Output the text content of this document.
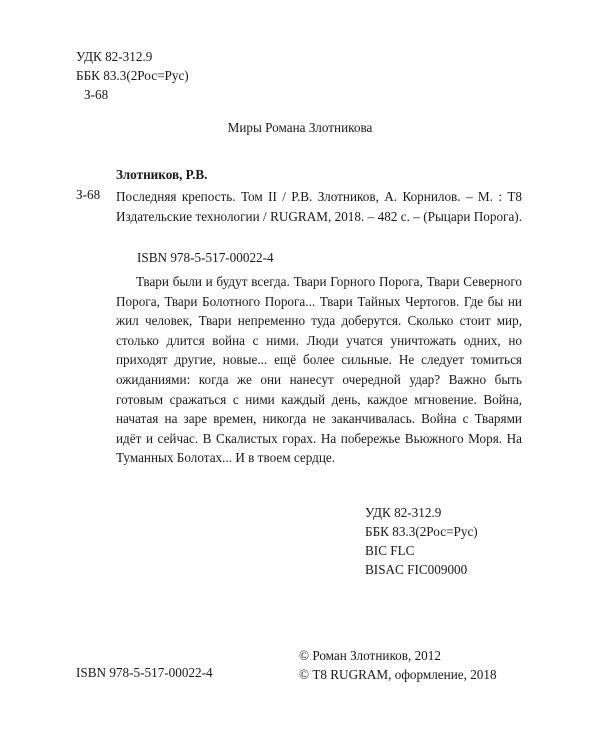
УДК 82-312.9
ББК 83.3(2Рос=Рус)
З-68
Миры Романа Злотникова
Злотников, Р.В.
З-68 Последняя крепость. Том II / Р.В. Злотников, А. Корнилов. – М. : Т8 Издательские технологии / RUGRAM, 2018. – 482 с. – (Рыцари Порога).
ISBN 978-5-517-00022-4
Твари были и будут всегда. Твари Горного Порога, Твари Северного Порога, Твари Болотного Порога... Твари Тайных Чертогов. Где бы ни жил человек, Твари непременно туда доберутся. Сколько стоит мир, столько длится война с ними. Люди учатся уничтожать одних, но приходят другие, новые... ещё более сильные. Не следует томиться ожиданиями: когда же они нанесут очередной удар? Важно быть готовым сражаться с ними каждый день, каждое мгновение. Война, начатая на заре времен, никогда не заканчивалась. Война с Тварями идёт и сейчас. В Скалистых горах. На побережье Вьюжного Моря. На Туманных Болотах... И в твоем сердце.
УДК 82-312.9
ББК 83.3(2Рос=Рус)
BIC FLC
BISAC FIC009000
© Роман Злотников, 2012
© Т8 RUGRAM, оформление, 2018
ISBN 978-5-517-00022-4
